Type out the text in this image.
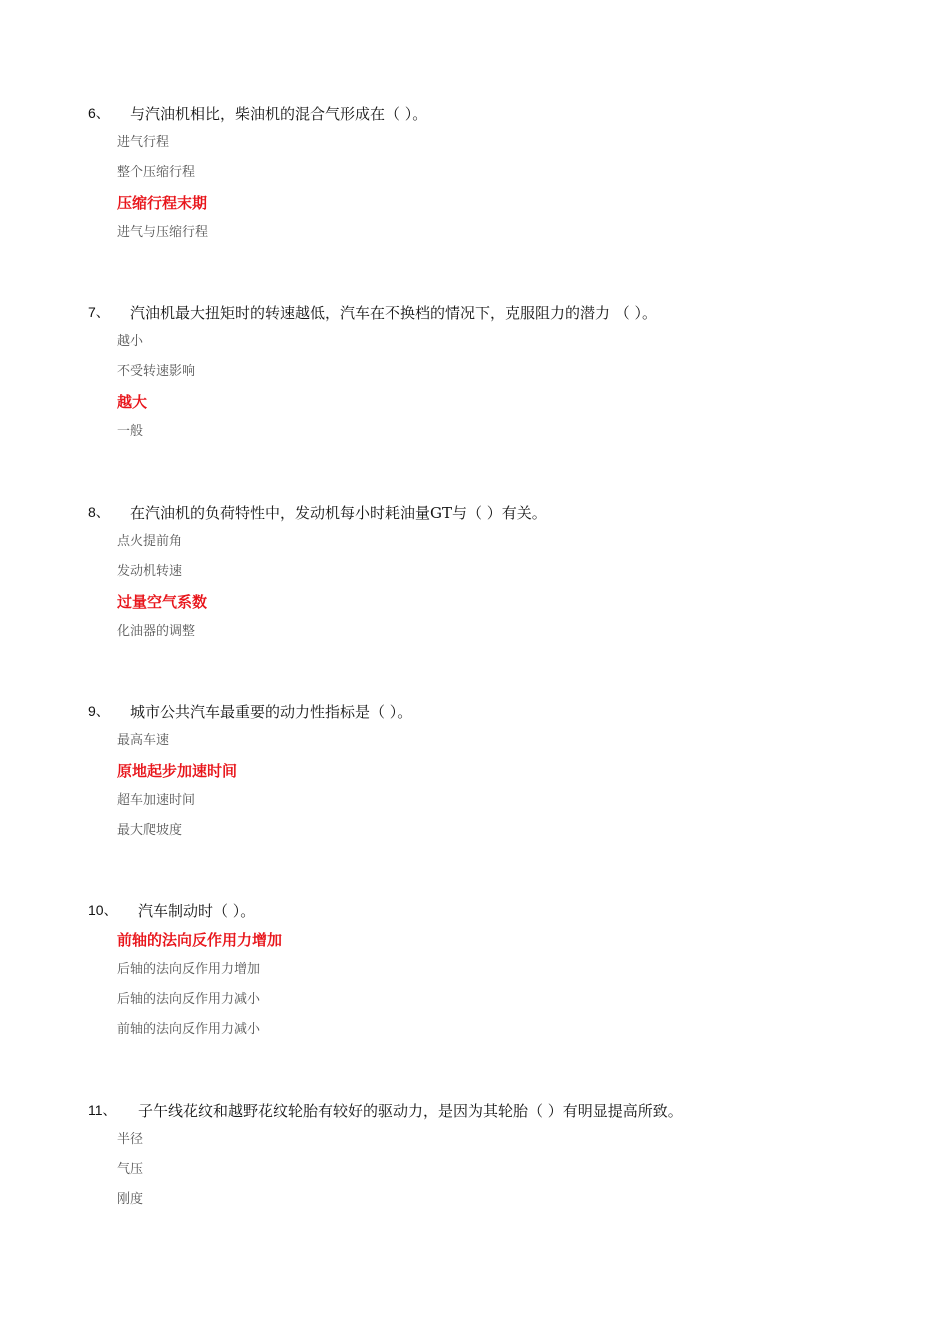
6、	与汽油机相比，柴油机的混合气形成在（ ）。
进气行程
整个压缩行程
压缩行程末期
进气与压缩行程
7、	汽油机最大扭矩时的转速越低，汽车在不换档的情况下，克服阻力的潜力 （ ）。
越小
不受转速影响
越大
一般
8、	在汽油机的负荷特性中，发动机每小时耗油量GT与（ ）有关。
点火提前角
发动机转速
过量空气系数
化油器的调整
9、	城市公共汽车最重要的动力性指标是（ ）。
最高车速
原地起步加速时间
超车加速时间
最大爬坡度
10、	汽车制动时（ ）。
前轴的法向反作用力增加
后轴的法向反作用力增加
后轴的法向反作用力减小
前轴的法向反作用力减小
11、	子午线花纹和越野花纹轮胎有较好的驱动力，是因为其轮胎（ ）有明显提高所致。
半径
气压
刚度
